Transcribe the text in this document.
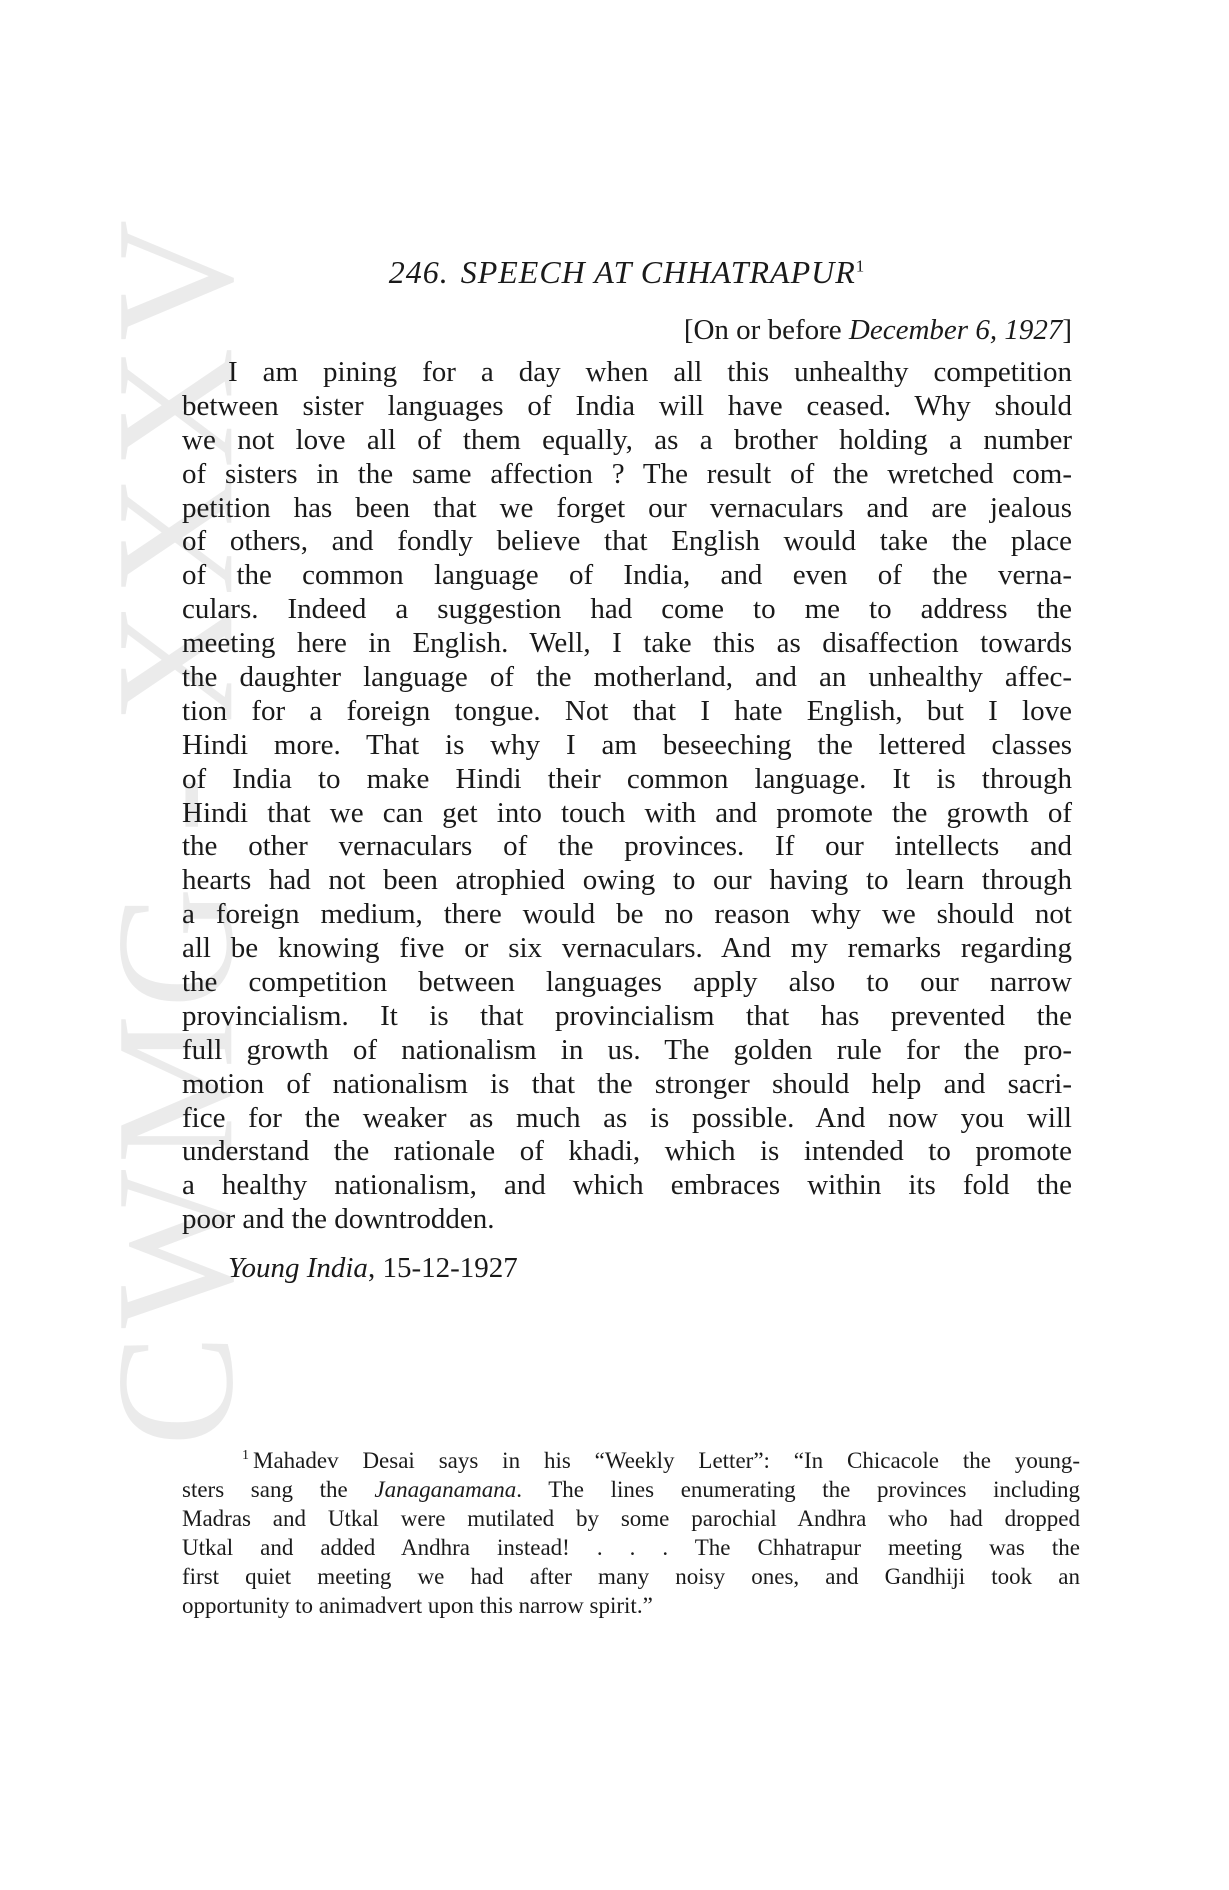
CWMG - XXXV	246. SPEECH AT CHHATRAPUR$^1$
[On or before December 6, 1927]
I am pining for a day when all this unhealthy competition
between sister languages of India will have ceased. Why should
we not love all of them equally, as a brother holding a number
of sisters in the same affection ? The result of the wretched com-
petition has been that we forget our vernaculars and are jealous
of others, and fondly believe that English would take the place
of the common language of India, and even of the verna-
culars. Indeed a suggestion had come to me to address the
meeting here in English. Well, I take this as disaffection towards
the daughter language of the motherland, and an unhealthy affec-
tion for a foreign tongue. Not that I hate English, but I love
Hindi more. That is why I am beseeching the lettered classes
of India to make Hindi their common language. It is through
Hindi that we can get into touch with and promote the growth of
the other vernaculars of the provinces. If our intellects and
hearts had not been atrophied owing to our having to learn through
a foreign medium, there would be no reason why we should not
all be knowing five or six vernaculars. And my remarks regarding
the competition between languages apply also to our narrow
provincialism. It is that provincialism that has prevented the
full growth of nationalism in us. The golden rule for the pro-
motion of nationalism is that the stronger should help and sacri-
fice for the weaker as much as is possible. And now you will
understand the rationale of khadi, which is intended to promote
a healthy nationalism, and which embraces within its fold the
poor and the downtrodden.
Young India, 15-12-1927
$^1$ Mahadev Desai says in his “Weekly Letter”: “In Chicacole the young-
sters sang the Janaganamana. The lines enumerating the provinces including
Madras and Utkal were mutilated by some parochial Andhra who had dropped
Utkal and added Andhra instead! . . . The Chhatrapur meeting was the
first quiet meeting we had after many noisy ones, and Gandhiji took an
opportunity to animadvert upon this narrow spirit.”
